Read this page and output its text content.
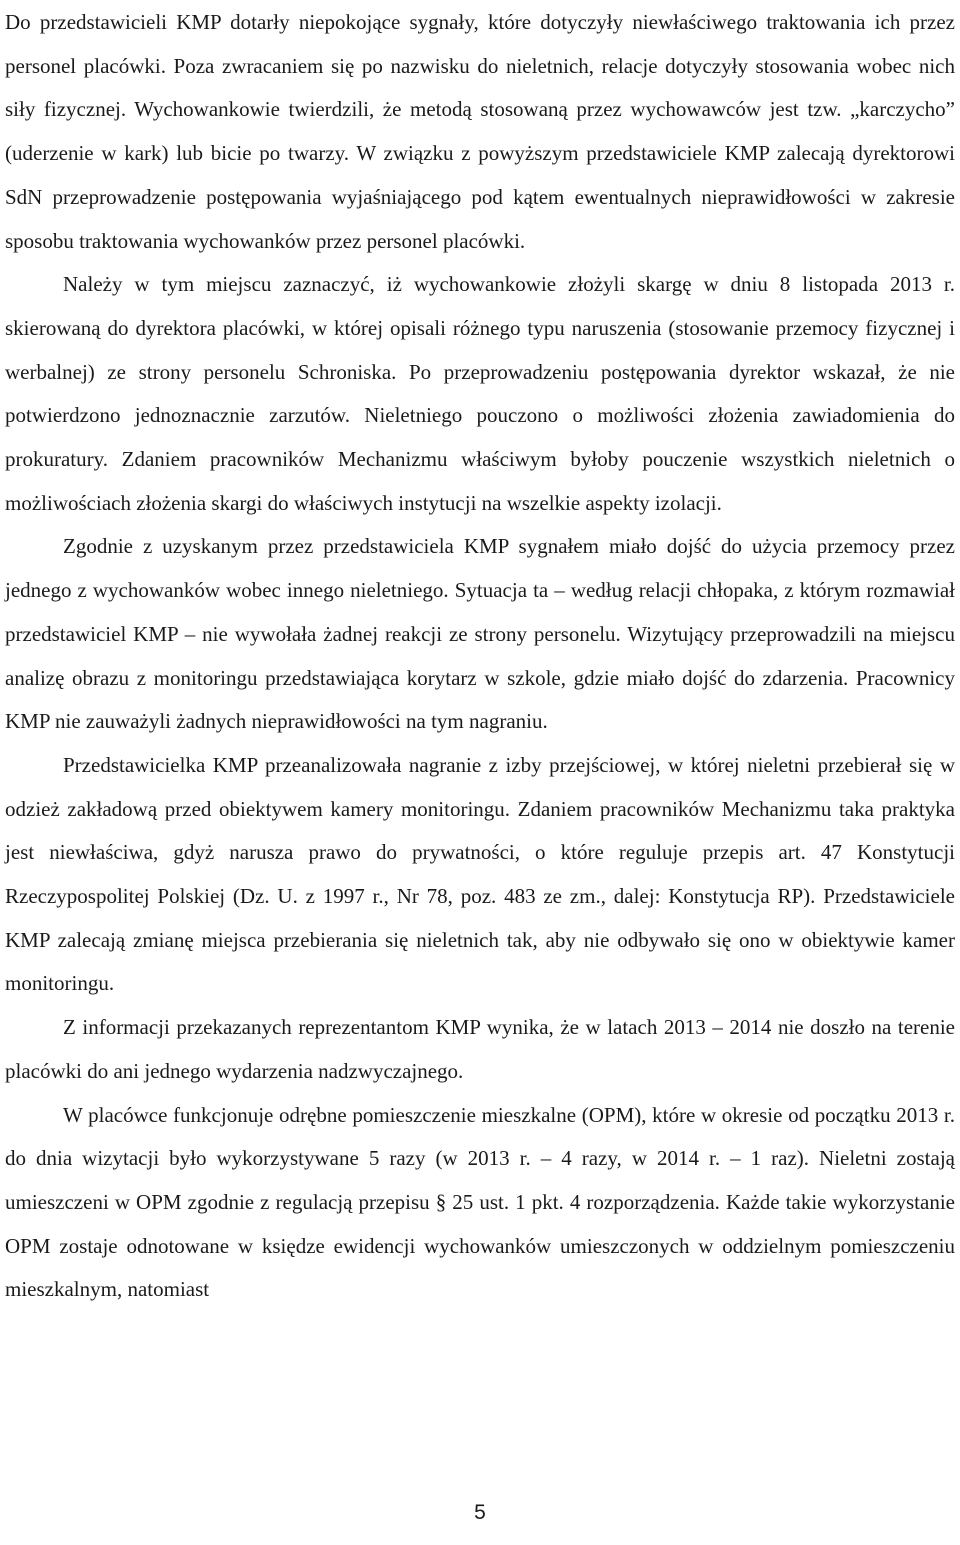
Do przedstawicieli KMP dotarły niepokojące sygnały, które dotyczyły niewłaściwego traktowania ich przez personel placówki. Poza zwracaniem się po nazwisku do nieletnich, relacje dotyczyły stosowania wobec nich siły fizycznej. Wychowankowie twierdzili, że metodą stosowaną przez wychowawców jest tzw. „karczycho” (uderzenie w kark) lub bicie po twarzy. W związku z powyższym przedstawiciele KMP zalecają dyrektorowi SdN przeprowadzenie postępowania wyjaśniającego pod kątem ewentualnych nieprawidłowości w zakresie sposobu traktowania wychowanków przez personel placówki.

Należy w tym miejscu zaznaczyć, iż wychowankowie złożyli skargę w dniu 8 listopada 2013 r. skierowaną do dyrektora placówki, w której opisali różnego typu naruszenia (stosowanie przemocy fizycznej i werbalnej) ze strony personelu Schroniska. Po przeprowadzeniu postępowania dyrektor wskazał, że nie potwierdzono jednoznacznie zarzutów. Nieletniego pouczono o możliwości złożenia zawiadomienia do prokuratury. Zdaniem pracowników Mechanizmu właściwym byłoby pouczenie wszystkich nieletnich o możliwościach złożenia skargi do właściwych instytucji na wszelkie aspekty izolacji.

Zgodnie z uzyskanym przez przedstawiciela KMP sygnałem miało dojść do użycia przemocy przez jednego z wychowanków wobec innego nieletniego. Sytuacja ta – według relacji chłopaka, z którym rozmawiał przedstawiciel KMP – nie wywołała żadnej reakcji ze strony personelu. Wizytujący przeprowadzili na miejscu analizę obrazu z monitoringu przedstawiająca korytarz w szkole, gdzie miało dojść do zdarzenia. Pracownicy KMP nie zauważyli żadnych nieprawidłowości na tym nagraniu.

Przedstawicielka KMP przeanalizowała nagranie z izby przejściowej, w której nieletni przebierał się w odzież zakładową przed obiektywem kamery monitoringu. Zdaniem pracowników Mechanizmu taka praktyka jest niewłaściwa, gdyż narusza prawo do prywatności, o które reguluje przepis art. 47 Konstytucji Rzeczypospolitej Polskiej (Dz. U. z 1997 r., Nr 78, poz. 483 ze zm., dalej: Konstytucja RP). Przedstawiciele KMP zalecają zmianę miejsca przebierania się nieletnich tak, aby nie odbywało się ono w obiektywie kamer monitoringu.

Z informacji przekazanych reprezentantom KMP wynika, że w latach 2013 – 2014 nie doszło na terenie placówki do ani jednego wydarzenia nadzwyczajnego.

W placówce funkcjonuje odrębne pomieszczenie mieszkalne (OPM), które w okresie od początku 2013 r. do dnia wizytacji było wykorzystywane 5 razy (w 2013 r. – 4 razy, w 2014 r. – 1 raz). Nieletni zostają umieszczeni w OPM zgodnie z regulacją przepisu § 25 ust. 1 pkt. 4 rozporządzenia. Każde takie wykorzystanie OPM zostaje odnotowane w księdze ewidencji wychowanków umieszczonych w oddzielnym pomieszczeniu mieszkalnym, natomiast

5
